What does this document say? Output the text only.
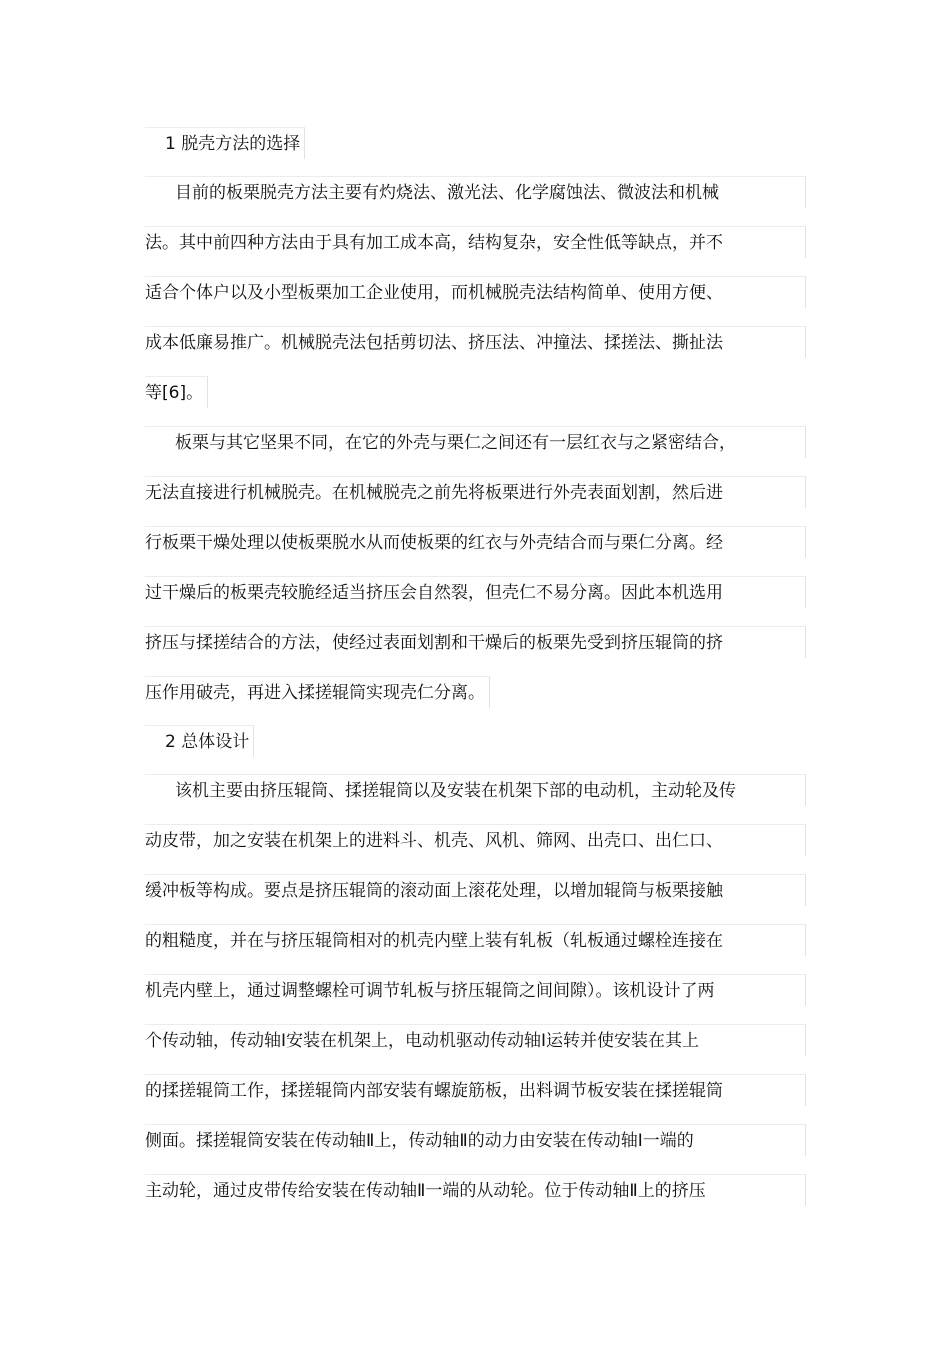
1 脱壳方法的选择
目前的板栗脱壳方法主要有灼烧法、激光法、化学腐蚀法、微波法和机械
法。其中前四种方法由于具有加工成本高，结构复杂，安全性低等缺点，并不
适合个体户以及小型板栗加工企业使用，而机械脱壳法结构简单、使用方便、
成本低廉易推广。机械脱壳法包括剪切法、挤压法、冲撞法、揉搓法、撕扯法
等[6]。
板栗与其它坚果不同，在它的外壳与栗仁之间还有一层红衣与之紧密结合，
无法直接进行机械脱壳。在机械脱壳之前先将板栗进行外壳表面划割，然后进
行板栗干燥处理以使板栗脱水从而使板栗的红衣与外壳结合而与栗仁分离。经
过干燥后的板栗壳较脆经适当挤压会自然裂，但壳仁不易分离。因此本机选用
挤压与揉搓结合的方法，使经过表面划割和干燥后的板栗先受到挤压辊筒的挤
压作用破壳，再进入揉搓辊筒实现壳仁分离。
2 总体设计
该机主要由挤压辊筒、揉搓辊筒以及安装在机架下部的电动机，主动轮及传
动皮带，加之安装在机架上的进料斗、机壳、风机、筛网、出壳口、出仁口、
缓冲板等构成。要点是挤压辊筒的滚动面上滚花处理，以增加辊筒与板栗接触
的粗糙度，并在与挤压辊筒相对的机壳内壁上装有轧板（轧板通过螺栓连接在
机壳内壁上，通过调整螺栓可调节轧板与挤压辊筒之间间隙）。该机设计了两
个传动轴，传动轴Ⅰ安装在机架上，电动机驱动传动轴Ⅰ运转并使安装在其上
的揉搓辊筒工作，揉搓辊筒内部安装有螺旋筋板，出料调节板安装在揉搓辊筒
侧面。揉搓辊筒安装在传动轴Ⅱ上，传动轴Ⅱ的动力由安装在传动轴Ⅰ一端的
主动轮，通过皮带传给安装在传动轴Ⅱ一端的从动轮。位于传动轴Ⅱ上的挤压
